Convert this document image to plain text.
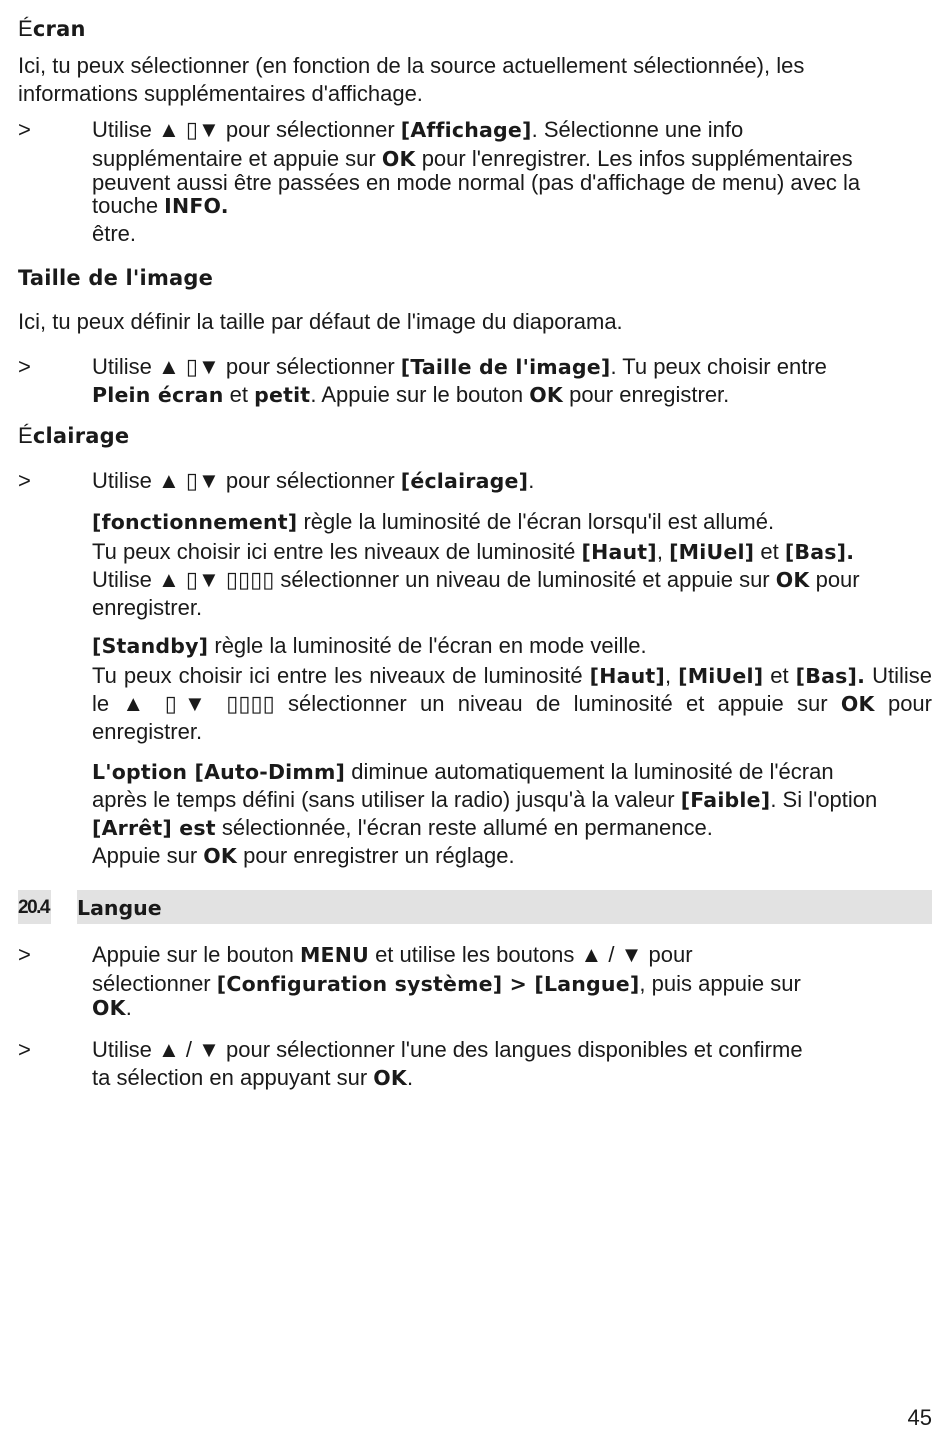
Écran

Ici, tu peux sélectionner (en fonction de la source actuellement sélectionnée), les informations supplémentaires d'affichage.

>	Utilise ▲ ▯▼ pour sélectionner [Affichage]. Sélectionne une info

supplémentaire et appuie sur OK pour l'enregistrer. Les infos supplémentaires peuvent aussi être passées en mode normal (pas d'affichage de menu) avec la touche INFO.

être.

Taille de l'image

Ici, tu peux définir la taille par défaut de l'image du diaporama.

>	Utilise ▲ ▯▼ pour sélectionner [Taille de l'image]. Tu peux choisir entre

Plein écran et petit. Appuie sur le bouton OK pour enregistrer.

Éclairage

>	Utilise ▲ ▯▼ pour sélectionner [éclairage].

[fonctionnement] règle la luminosité de l'écran lorsqu'il est allumé.

Tu peux choisir ici entre les niveaux de luminosité [Haut], [MiUel] et [Bas].

Utilise ▲ ▯▼ ▯▯▯▯ sélectionner un niveau de luminosité et appuie sur OK pour enregistrer.

[Standby] règle la luminosité de l'écran en mode veille.

Tu peux choisir ici entre les niveaux de luminosité [Haut], [MiUel] et [Bas]. Utilise le ▲ ▯▼ ▯▯▯▯ sélectionner un niveau de luminosité et appuie sur OK pour enregistrer.

L'option [Auto-Dimm] diminue automatiquement la luminosité de l'écran après le temps défini (sans utiliser la radio) jusqu'à la valeur [Faible]. Si l'option [Arrêt] est sélectionnée, l'écran reste allumé en permanence.

Appuie sur OK pour enregistrer un réglage.

20.4 Langue
>	Appuie sur le bouton MENU et utilise les boutons ▲ / ▼ pour

sélectionner [Configuration système] > [Langue], puis appuie sur

OK.

>	Utilise ▲ / ▼ pour sélectionner l'une des langues disponibles et confirme

ta sélection en appuyant sur OK.

45
